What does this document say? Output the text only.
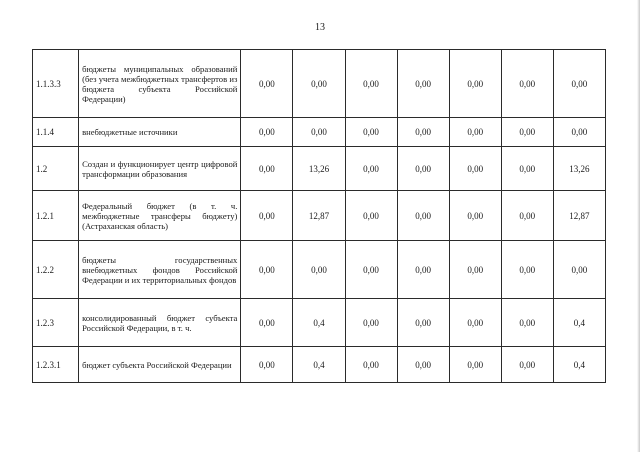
13
1.1.3.3	бюджеты муниципальных образований (без учета межбюджетных трансфертов из бюджета субъекта Российской Федерации)	0,00	0,00	0,00	0,00	0,00	0,00	0,00
1.1.4	внебюджетные источники	0,00	0,00	0,00	0,00	0,00	0,00	0,00
1.2	Создан и функционирует центр цифровой трансформации образования	0,00	13,26	0,00	0,00	0,00	0,00	13,26
1.2.1	Федеральный бюджет (в т. ч. межбюджетные трансферы бюджету) (Астраханская область)	0,00	12,87	0,00	0,00	0,00	0,00	12,87
1.2.2	бюджеты государственных внебюджетных фондов Российской Федерации и их территориальных фондов	0,00	0,00	0,00	0,00	0,00	0,00	0,00
1.2.3	консолидированный бюджет субъекта Российской Федерации, в т. ч.	0,00	0,4	0,00	0,00	0,00	0,00	0,4
1.2.3.1	бюджет субъекта Российской Федерации	0,00	0,4	0,00	0,00	0,00	0,00	0,4
